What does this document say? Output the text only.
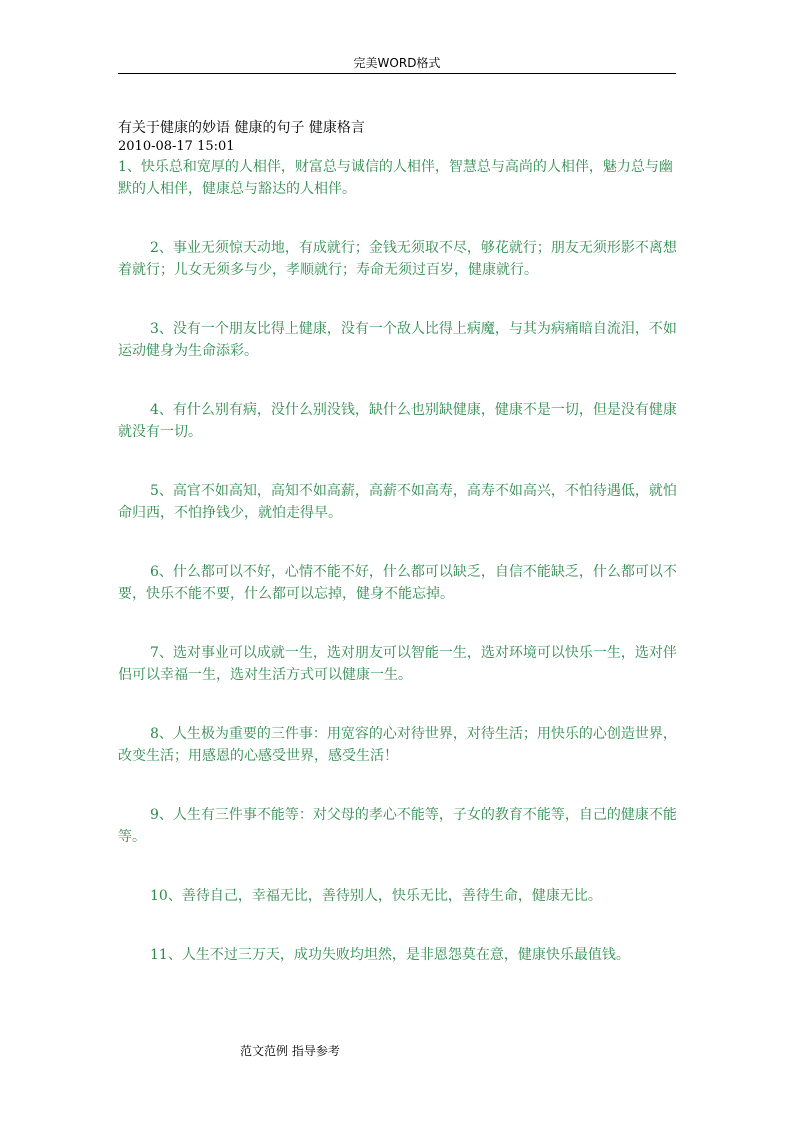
完美WORD格式

有关于健康的妙语 健康的句子 健康格言

2010-08-17 15:01

1、快乐总和宽厚的人相伴，财富总与诚信的人相伴，智慧总与高尚的人相伴，魅力总与幽默的人相伴，健康总与豁达的人相伴。

2、事业无须惊天动地，有成就行；金钱无须取不尽，够花就行；朋友无须形影不离想着就行；儿女无须多与少，孝顺就行；寿命无须过百岁，健康就行。

3、没有一个朋友比得上健康，没有一个敌人比得上病魔，与其为病痛暗自流泪，不如运动健身为生命添彩。

4、有什么别有病，没什么别没钱，缺什么也别缺健康，健康不是一切，但是没有健康就没有一切。

5、高官不如高知，高知不如高薪，高薪不如高寿，高寿不如高兴，不怕待遇低，就怕命归西，不怕挣钱少，就怕走得早。

6、什么都可以不好，心情不能不好，什么都可以缺乏，自信不能缺乏，什么都可以不要，快乐不能不要，什么都可以忘掉，健身不能忘掉。

7、选对事业可以成就一生，选对朋友可以智能一生，选对环境可以快乐一生，选对伴侣可以幸福一生，选对生活方式可以健康一生。

8、人生极为重要的三件事：用宽容的心对待世界，对待生活；用快乐的心创造世界，改变生活；用感恩的心感受世界，感受生活！

9、人生有三件事不能等：对父母的孝心不能等，子女的教育不能等，自己的健康不能等。

10、善待自己，幸福无比，善待别人，快乐无比，善待生命，健康无比。

11、人生不过三万天，成功失败均坦然，是非恩怨莫在意，健康快乐最值钱。

范文范例 指导参考
